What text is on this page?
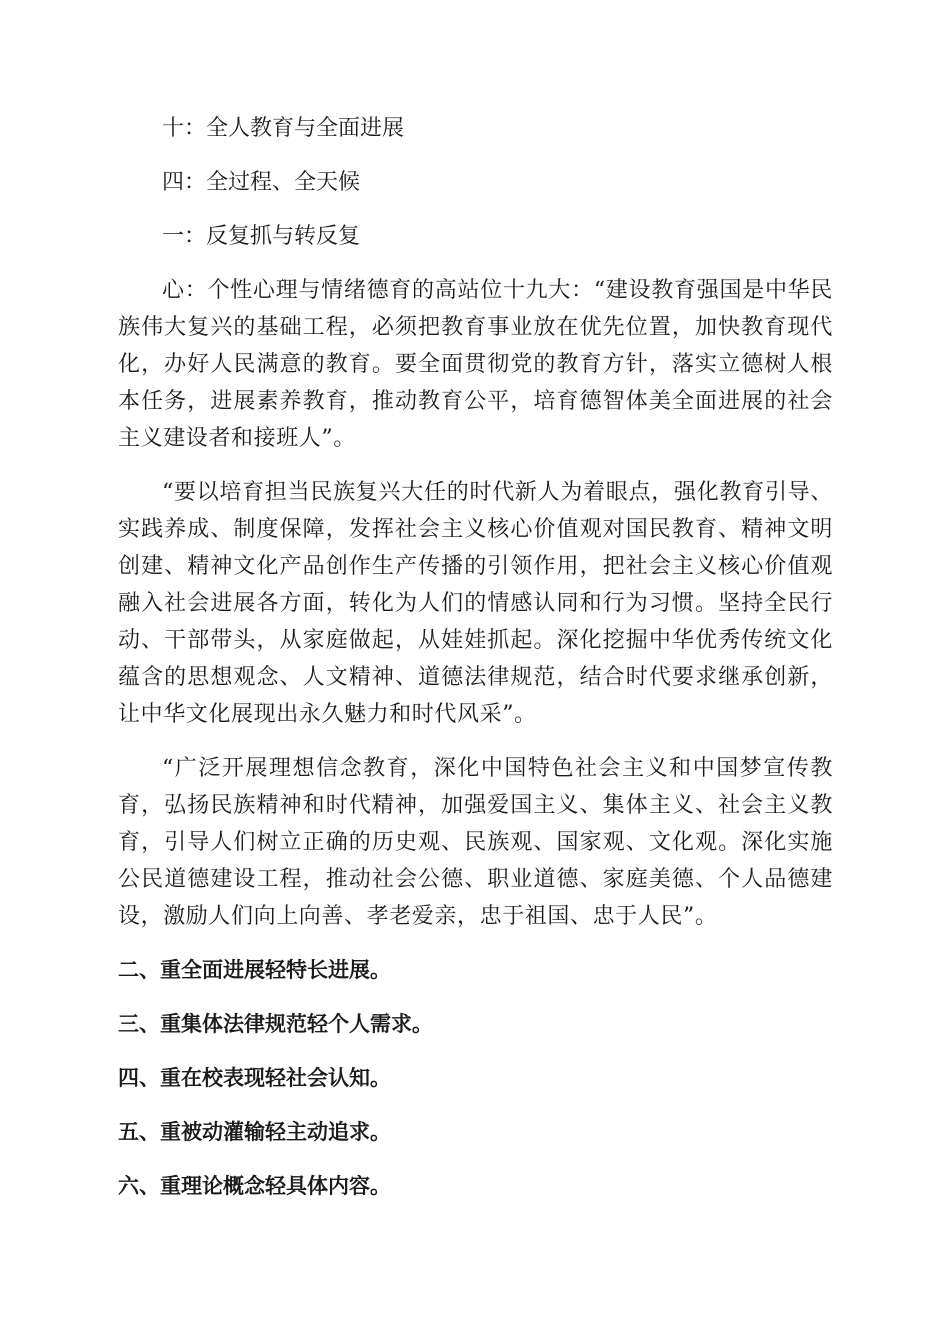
十：全人教育与全面进展

四：全过程、全天候

一：反复抓与转反复

心：个性心理与情绪德育的高站位十九大：“建设教育强国是中华民族伟大复兴的基础工程，必须把教育事业放在优先位置，加快教育现代化，办好人民满意的教育。要全面贯彻党的教育方针，落实立德树人根本任务，进展素养教育，推动教育公平，培育德智体美全面进展的社会主义建设者和接班人”。

“要以培育担当民族复兴大任的时代新人为着眼点，强化教育引导、实践养成、制度保障，发挥社会主义核心价值观对国民教育、精神文明创建、精神文化产品创作生产传播的引领作用，把社会主义核心价值观融入社会进展各方面，转化为人们的情感认同和行为习惯。坚持全民行动、干部带头，从家庭做起，从娃娃抓起。深化挖掘中华优秀传统文化蕴含的思想观念、人文精神、道德法律规范，结合时代要求继承创新，让中华文化展现出永久魅力和时代风采”。

“广泛开展理想信念教育，深化中国特色社会主义和中国梦宣传教育，弘扬民族精神和时代精神，加强爱国主义、集体主义、社会主义教育，引导人们树立正确的历史观、民族观、国家观、文化观。深化实施公民道德建设工程，推动社会公德、职业道德、家庭美德、个人品德建设，激励人们向上向善、孝老爱亲，忠于祖国、忠于人民”。

二、重全面进展轻特长进展。

三、重集体法律规范轻个人需求。

四、重在校表现轻社会认知。

五、重被动灌输轻主动追求。

六、重理论概念轻具体内容。
